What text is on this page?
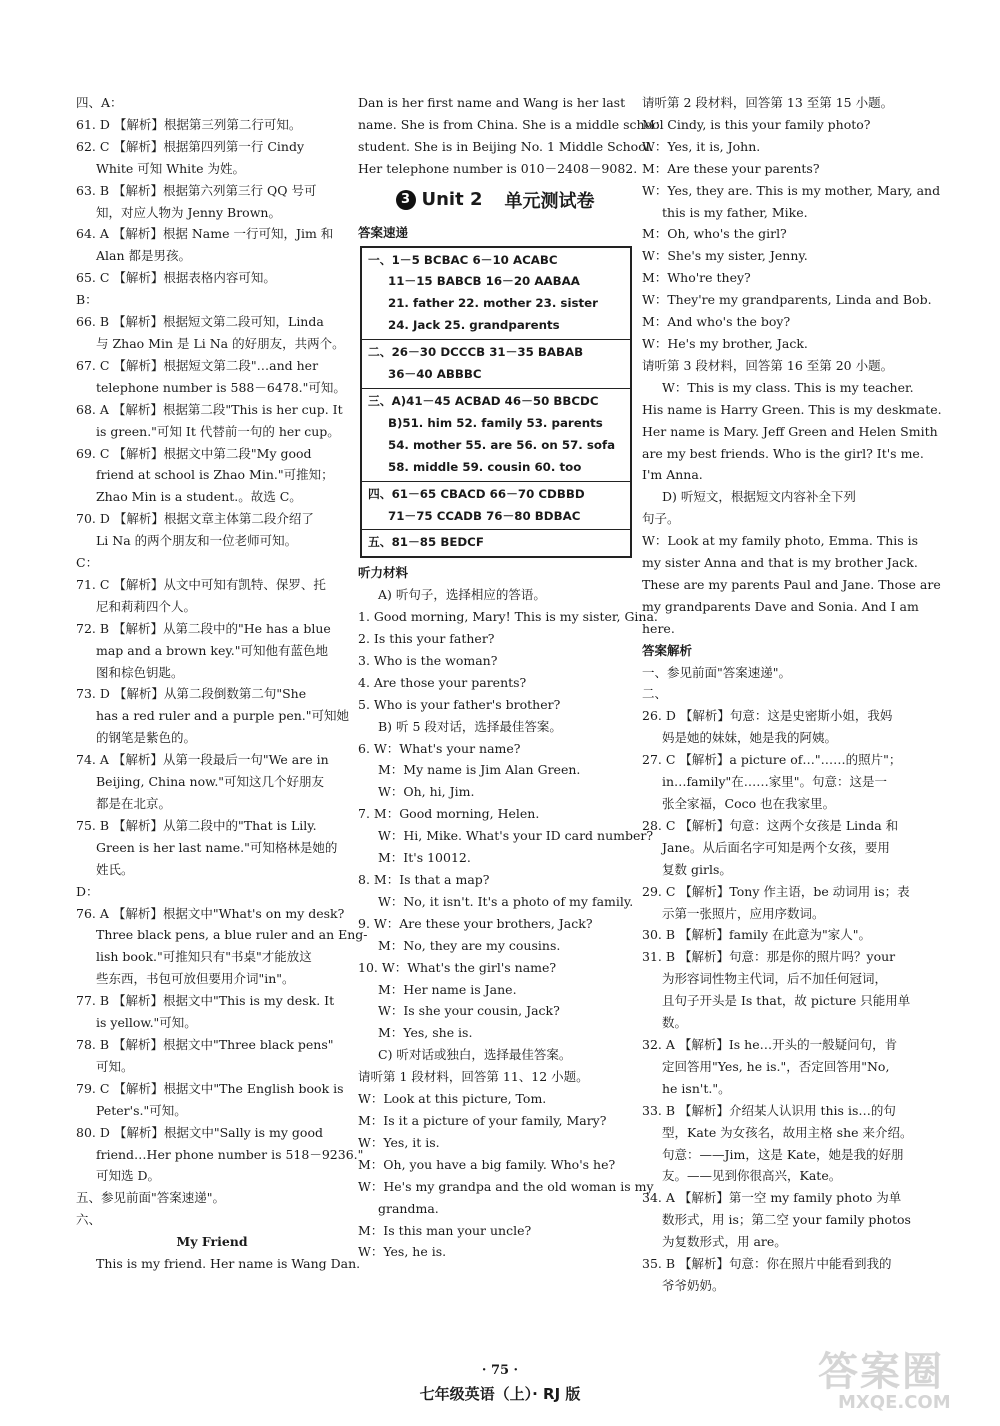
四、A：
61. D 【解析】根据第三列第二行可知。
62. C 【解析】根据第四列第一行 Cindy
White 可知 White 为姓。
63. B 【解析】根据第六列第三行 QQ 号可
知，对应人物为 Jenny Brown。
64. A 【解析】根据 Name 一行可知，Jim 和
Alan 都是男孩。
65. C 【解析】根据表格内容可知。
B：
66. B 【解析】根据短文第二段可知，Linda
与 Zhao Min 是 Li Na 的好朋友，共两个。
67. C 【解析】根据短文第二段"…and her
telephone number is 588－6478."可知。
68. A 【解析】根据第二段"This is her cup. It
is green."可知 It 代替前一句的 her cup。
69. C 【解析】根据文中第二段"My good
friend at school is Zhao Min."可推知；
Zhao Min is a student.。故选 C。
70. D 【解析】根据文章主体第二段介绍了
Li Na 的两个朋友和一位老师可知。
C：
71. C 【解析】从文中可知有凯特、保罗、托
尼和莉莉四个人。
72. B 【解析】从第二段中的"He has a blue
map and a brown key."可知他有蓝色地
图和棕色钥匙。
73. D 【解析】从第二段倒数第二句"She
has a red ruler and a purple pen."可知她
的钢笔是紫色的。
74. A 【解析】从第一段最后一句"We are in
Beijing, China now."可知这几个好朋友
都是在北京。
75. B 【解析】从第二段中的"That is Lily.
Green is her last name."可知格林是她的
姓氏。
D：
76. A 【解析】根据文中"What's on my desk?
Three black pens, a blue ruler and an Eng-
lish book."可推知只有"书桌"才能放这
些东西，书包可放但要用介词"in"。
77. B 【解析】根据文中"This is my desk. It
is yellow."可知。
78. B 【解析】根据文中"Three black pens"
可知。
79. C 【解析】根据文中"The English book is
Peter's."可知。
80. D 【解析】根据文中"Sally is my good
friend…Her phone number is 518－9236."
可知选 D。
五、参见前面"答案速递"。
六、
My Friend
This is my friend. Her name is Wang Dan.
Dan is her first name and Wang is her last
name. She is from China. She is a middle school
student. She is in Beijing No. 1 Middle School.
Her telephone number is 010－2408－9082.
3 Unit 2 单元测试卷
答案速递
一、1－5 BCBAC 6－10 ACABC
11－15 BABCB 16－20 AABAA
21. father 22. mother 23. sister
24. Jack 25. grandparents
二、26－30 DCCCB 31－35 BABAB
36－40 ABBBC
三、A)41－45 ACBAD 46－50 BBCDC
B)51. him 52. family 53. parents
54. mother 55. are 56. on 57. sofa
58. middle 59. cousin 60. too
四、61－65 CBACD 66－70 CDBBD
71－75 CCADB 76－80 BDBAC
五、81－85 BEDCF
听力材料
A) 听句子，选择相应的答语。
1. Good morning, Mary! This is my sister, Gina.
2. Is this your father?
3. Who is the woman?
4. Are those your parents?
5. Who is your father's brother?
B) 听 5 段对话，选择最佳答案。
6. W：What's your name?
M：My name is Jim Alan Green.
W：Oh, hi, Jim.
7. M：Good morning, Helen.
W：Hi, Mike. What's your ID card number?
M：It's 10012.
8. M：Is that a map?
W：No, it isn't. It's a photo of my family.
9. W：Are these your brothers, Jack?
M：No, they are my cousins.
10. W：What's the girl's name?
M：Her name is Jane.
W：Is she your cousin, Jack?
M：Yes, she is.
C) 听对话或独白，选择最佳答案。
请听第 1 段材料，回答第 11、12 小题。
W：Look at this picture, Tom.
M：Is it a picture of your family, Mary?
W：Yes, it is.
M：Oh, you have a big family. Who's he?
W：He's my grandpa and the old woman is my
grandma.
M：Is this man your uncle?
W：Yes, he is.
请听第 2 段材料，回答第 13 至第 15 小题。
M：Cindy, is this your family photo?
W：Yes, it is, John.
M：Are these your parents?
W：Yes, they are. This is my mother, Mary, and
this is my father, Mike.
M：Oh, who's the girl?
W：She's my sister, Jenny.
M：Who're they?
W：They're my grandparents, Linda and Bob.
M：And who's the boy?
W：He's my brother, Jack.
请听第 3 段材料，回答第 16 至第 20 小题。
W：This is my class. This is my teacher.
His name is Harry Green. This is my deskmate.
Her name is Mary. Jeff Green and Helen Smith
are my best friends. Who is the girl? It's me.
I'm Anna.
D) 听短文，根据短文内容补全下列
句子。
W：Look at my family photo, Emma. This is
my sister Anna and that is my brother Jack.
These are my parents Paul and Jane. Those are
my grandparents Dave and Sonia. And I am
here.
答案解析
一、参见前面"答案速递"。
二、
26. D 【解析】句意：这是史密斯小姐，我妈
妈是她的妹妹，她是我的阿姨。
27. C 【解析】a picture of…"……的照片"；
in…family"在……家里"。句意：这是一
张全家福，Coco 也在我家里。
28. C 【解析】句意：这两个女孩是 Linda 和
Jane。从后面名字可知是两个女孩，要用
复数 girls。
29. C 【解析】Tony 作主语，be 动词用 is；表
示第一张照片，应用序数词。
30. B 【解析】family 在此意为"家人"。
31. B 【解析】句意：那是你的照片吗？your
为形容词性物主代词，后不加任何冠词，
且句子开头是 Is that，故 picture 只能用单
数。
32. A 【解析】Is he…开头的一般疑问句，肯
定回答用"Yes, he is."，否定回答用"No,
he isn't."。
33. B 【解析】介绍某人认识用 this is…的句
型，Kate 为女孩名，故用主格 she 来介绍。
句意：——Jim，这是 Kate，她是我的好朋
友。——见到你很高兴，Kate。
34. A 【解析】第一空 my family photo 为单
数形式，用 is；第二空 your family photos
为复数形式，用 are。
35. B 【解析】句意：你在照片中能看到我的
爷爷奶奶。
· 75 ·
七年级英语（上）· RJ 版	答案圈
MXQE.COM
